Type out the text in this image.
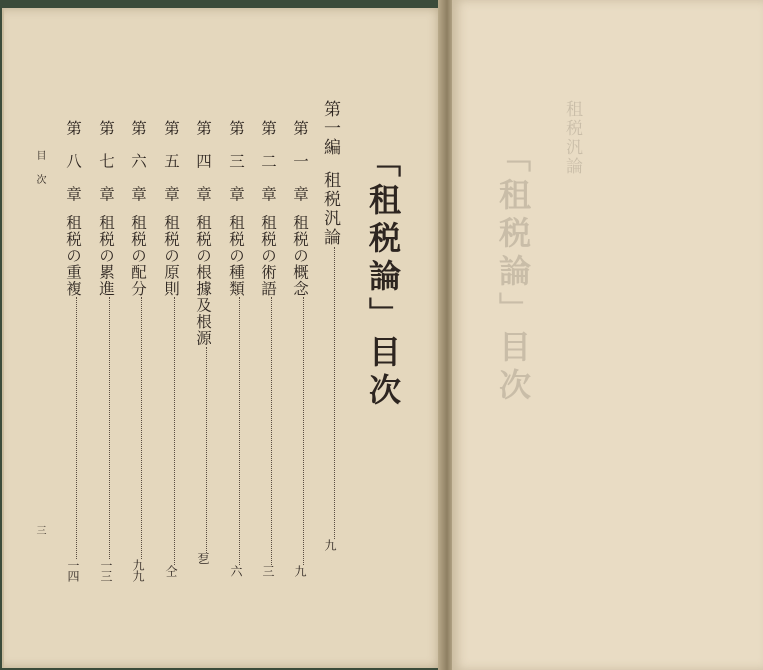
「租税論」目次
第一編租税汎論九
第　一　章租税の概念九
第　二　章租税の術語三
第　三　章租税の種類六
第　四　章租税の根據及根源乭
第　五　章租税の原則仝
第　六　章租税の配分九九
第　七　章租税の累進一三
第　八　章租税の重複一四
目次
三
「租税論」目次
租税汎論
